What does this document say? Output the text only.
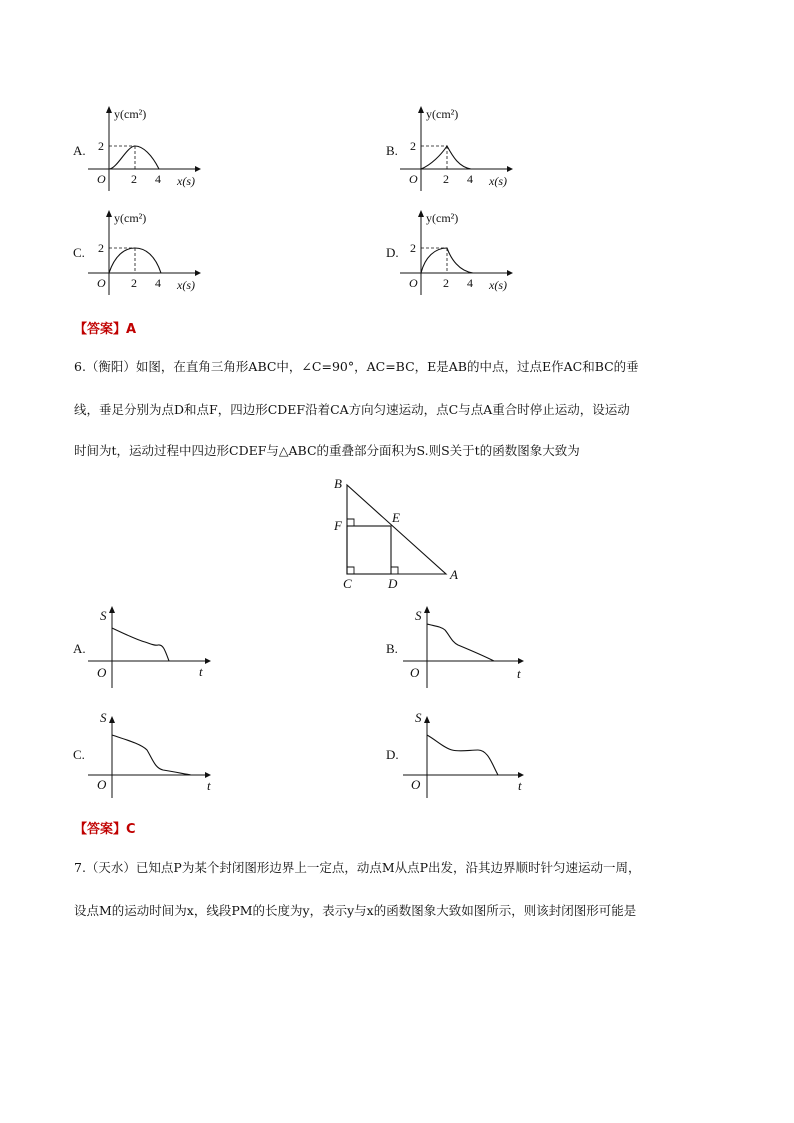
A.
y(cm²)
2
O 2 4 x(s)
B.
y(cm²)
2
O 2 4 x(s)
C.
y(cm²)
2
O 2 4 x(s)
D.
y(cm²)
2
O 2 4 x(s)
【答案】A
6.（衡阳）如图，在直角三角形ABC中，∠C=90°，AC=BC，E是AB的中点，过点E作AC和BC的垂
线，垂足分别为点D和点F，四边形CDEF沿着CA方向匀速运动，点C与点A重合时停止运动，设运动
时间为t，运动过程中四边形CDEF与△ABC的重叠部分面积为S.则S关于t的函数图象大致为
B
F
E
C	D
A
A.
S
O	t
B.
S
O	t
C.
S
O	t
D.
S
O	t
【答案】C
7.（天水）已知点P为某个封闭图形边界上一定点，动点M从点P出发，沿其边界顺时针匀速运动一周，
设点M的运动时间为x，线段PM的长度为y，表示y与x的函数图象大致如图所示，则该封闭图形可能是
